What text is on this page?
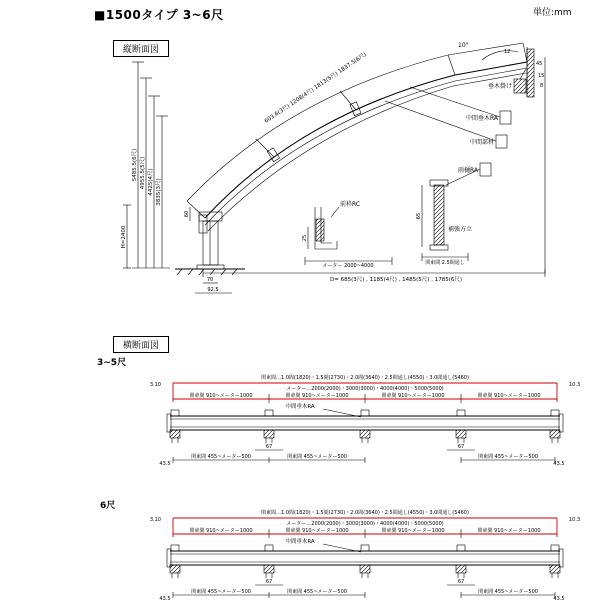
■1500タイプ 3~6尺	単位:mm
縦断面図
横断面図
3~5尺
6尺
10°
603.6(3尺) 1208(4尺) 1813(5尺) 1837.5(6尺)
5485.5(6尺) 4955.5(5尺) 4425(4尺) 3835(3尺)
H=2400
60
前枠RC
25
メーター 2000~4000
補強方立
65
関東間 2.5間通し
D= 685(3尺) , 1185(4尺) , 1485(5尺) , 1785(6尺)
70
92.5
垂木掛け
中間垂木RA
中間部材
雨樋RA
12
45
15
8
関東間…1.0間(1820)・1.5間(2730)・2.0間(3640)・2.5間通し(4550)・3.0間通し(5460)
メーター…2000(2000)・3000(3000)・4000(4000)・5000(5000)
3.10	10.3
関東間 910~メーター1000	関東間 910~メーター1000	関東間 910~メーター1000	関東間 910~メーター1000
中間垂木RA
67	67
関東間 455~メーター500	関東間 455~メーター500	関東間 455~メーター500
43.5	43.5
関東間…1.0間(1820)・1.5間(2730)・2.0間(3640)・2.5間通し(4550)・3.0間通し(5460)
メーター…2000(2000)・3000(3000)・4000(4000)・5000(5000)
3.10	10.3
関東間 910~メーター1000	関東間 910~メーター1000	関東間 910~メーター1000	関東間 910~メーター1000
中間垂木RA
67	67
関東間 455~メーター500	関東間 455~メーター500	関東間 455~メーター500
43.5	43.5
